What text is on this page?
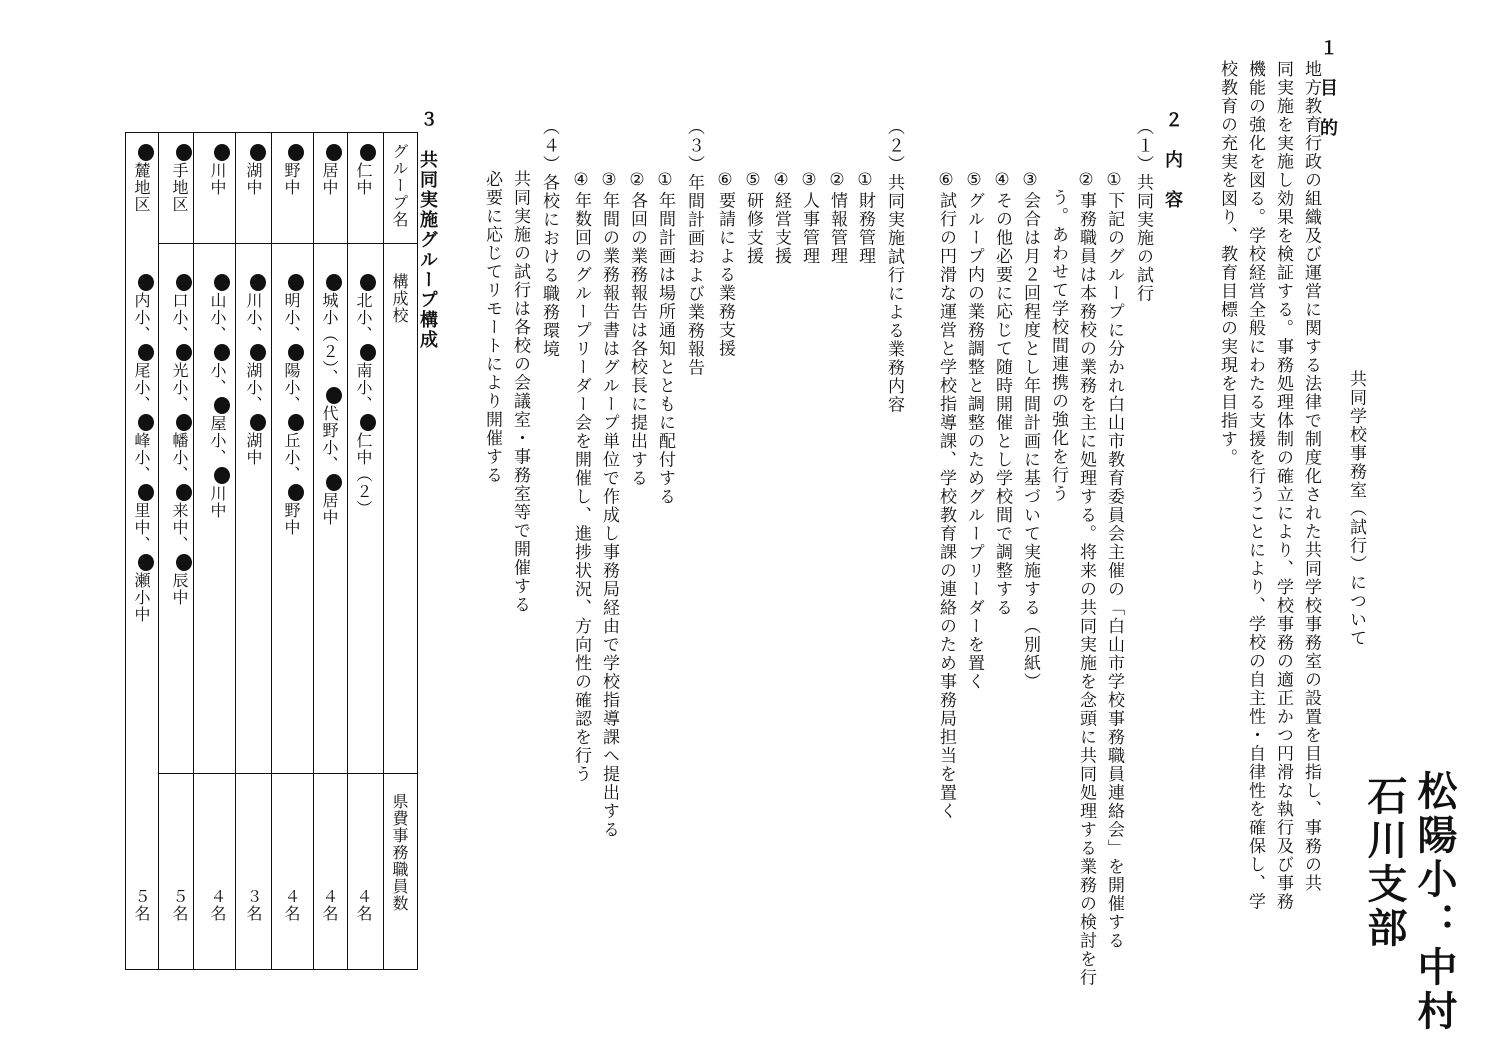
石川支部 松陽小：中村
共同学校事務室（試行）について
１　目　的
地方教育行政の組織及び運営に関する法律で制度化された共同学校事務室の設置を目指し、事務の共
同実施を実施し効果を検証する。事務処理体制の確立により、学校事務の適正かつ円滑な執行及び事務
機能の強化を図る。学校経営全般にわたる支援を行うことにより、学校の自主性・自律性を確保し、学
校教育の充実を図り、教育目標の実現を目指す。
２　内　容
（１）共同実施の試行
①下記のグループに分かれ白山市教育委員会主催の「白山市学校事務職員連絡会」を開催する
②事務職員は本務校の業務を主に処理する。将来の共同実施を念頭に共同処理する業務の検討を行
　う。あわせて学校間連携の強化を行う
③会合は月２回程度とし年間計画に基づいて実施する（別紙）
④その他必要に応じて随時開催とし学校間で調整する
⑤グループ内の業務調整と調整のためグループリーダーを置く
⑥試行の円滑な運営と学校指導課、学校教育課の連絡のため事務局担当を置く
（２）共同実施試行による業務内容
①財務管理
②情報管理
③人事管理
④経営支援
⑤研修支援
⑥要請による業務支援
（３）年間計画および業務報告
①年間計画は場所通知とともに配付する
②各回の業務報告は各校長に提出する
③年間の業務報告書はグループ単位で作成し事務局経由で学校指導課へ提出する
④年数回のグループリーダー会を開催し、進捗状況、方向性の確認を行う
（４）各校における職務環境
共同実施の試行は各校の会議室・事務室等で開催する
必要に応じてリモートにより開催する
３　共同実施グループ構成
グループ名
構成校
県費事務職員数
仁中
北小、南小、仁中（２）
４名
居中
城小（２）、代野小、居中
４名
野中
明小、陽小、丘小、野中
４名
湖中
川小、湖小、湖中
３名
川中
山小、小、屋小、川中
４名
手地区
口小、光小、幡小、来中、辰中
５名
麓地区
内小、尾小、峰小、里中、瀬小中
５名
